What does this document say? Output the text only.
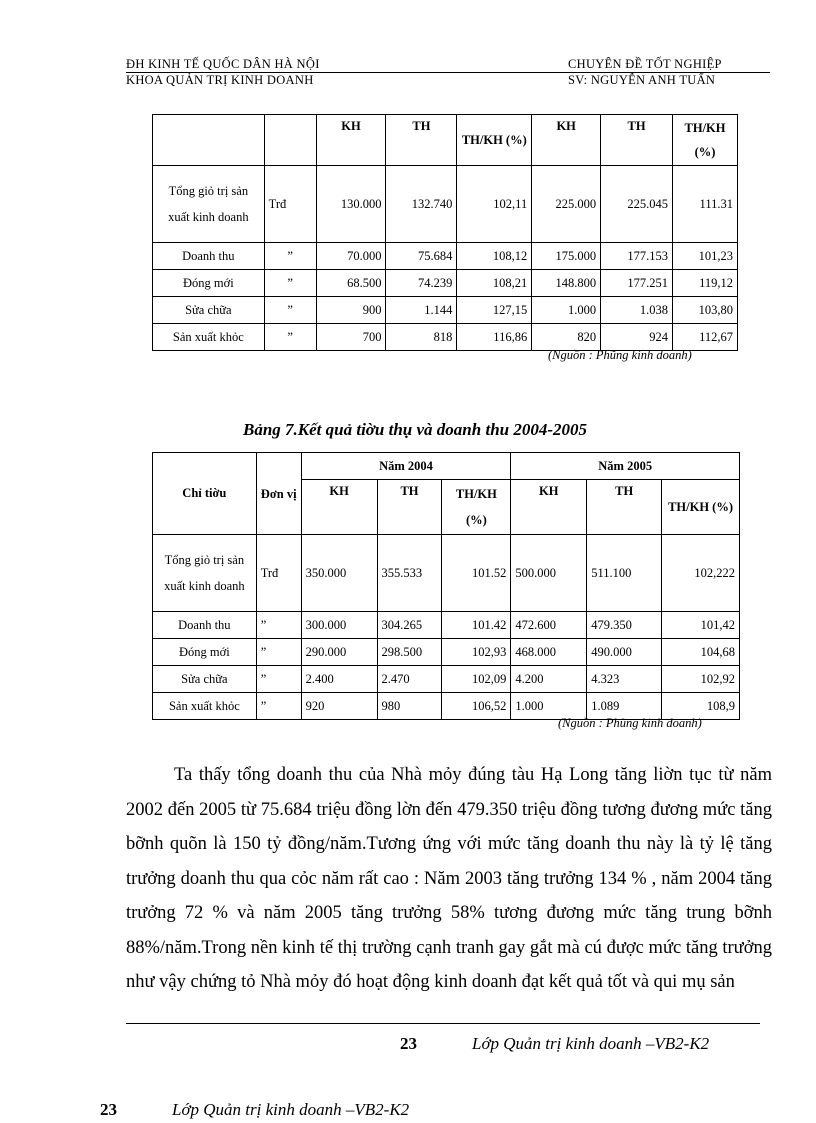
ĐH KINH TẾ QUỐC DÂN HÀ NỘI
KHOA QUẢN TRỊ KINH DOANH
CHUYÊN ĐỀ TỐT NGHIỆP
SV: NGUYỄN ANH TUẤN
		KH	TH	TH/KH (%)	KH	TH	TH/KH (%)
Tổng giỏ trị sản xuất kinh doanh	Trđ	130.000	132.740	102,11	225.000	225.045	111.31
Doanh thu	”	70.000	75.684	108,12	175.000	177.153	101,23
Đóng mới	”	68.500	74.239	108,21	148.800	177.251	119,12
Sửa chữa	”	900	1.144	127,15	1.000	1.038	103,80
Sản xuất khỏc	”	700	818	116,86	820	924	112,67
(Nguồn : Phũng kinh doanh)
Bảng 7.Kết quả tiờu thụ và doanh thu 2004-2005
Chỉ tiờu	Đơn vị	Năm 2004			Năm 2005		
		KH	TH	TH/KH (%)	KH	TH	TH/KH (%)
Tổng giỏ trị sản xuất kinh doanh	Trđ	350.000	355.533	101.52	500.000	511.100	102,222
Doanh thu	”	300.000	304.265	101.42	472.600	479.350	101,42
Đóng mới	”	290.000	298.500	102,93	468.000	490.000	104,68
Sửa chữa	”	2.400	2.470	102,09	4.200	4.323	102,92
Sản xuất khỏc	”	920	980	106,52	1.000	1.089	108,9
(Nguồn : Phũng kinh doanh)

Ta thấy tổng doanh thu của Nhà mỏy đúng tàu Hạ Long tăng liờn tục từ năm 2002 đến 2005 từ 75.684 triệu đồng lờn đến 479.350 triệu đồng tương đương mức tăng bỡnh quõn là 150 tỷ đồng/năm.Tương ứng với mức tăng doanh thu này là tỷ lệ tăng trưởng doanh thu qua cỏc năm rất cao : Năm 2003 tăng trưởng 134 % , năm 2004 tăng trưởng 72 % và năm 2005 tăng trưởng 58% tương đương mức tăng trung bỡnh 88%/năm.Trong nền kinh tế thị trường cạnh tranh gay gắt mà cú được mức tăng trưởng như vậy chứng tỏ Nhà mỏy đó hoạt động kinh doanh đạt kết quả tốt và qui mụ sản

23	Lớp Quản trị kinh doanh –VB2-K2
23	Lớp Quản trị kinh doanh –VB2-K2
